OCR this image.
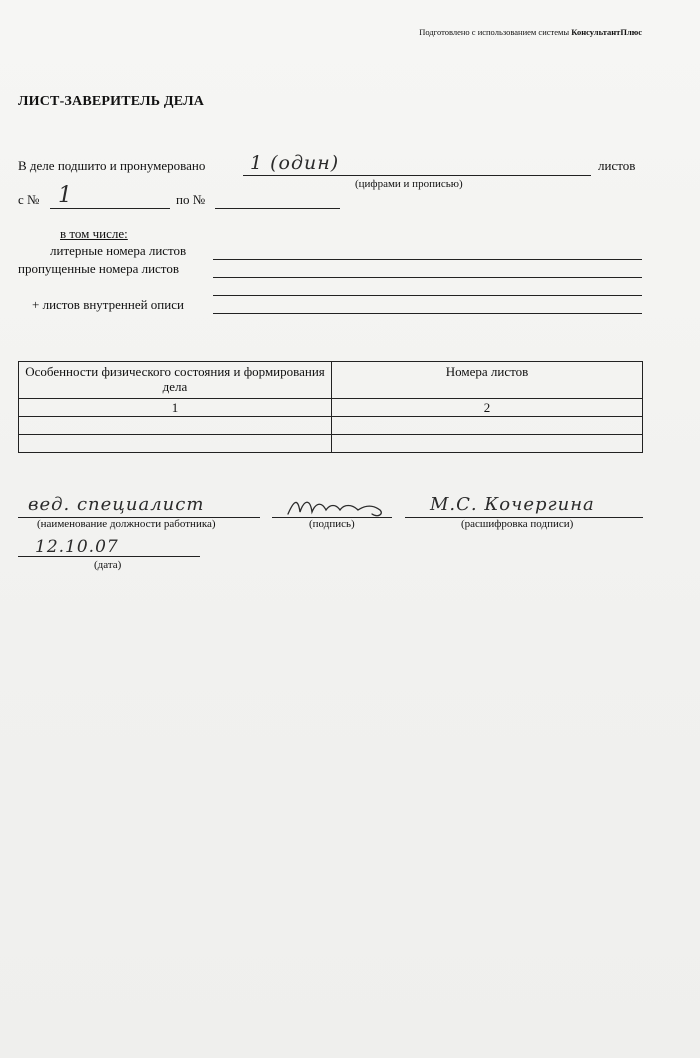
Подготовлено с использованием системы КонсультантПлюс
ЛИСТ-ЗАВЕРИТЕЛЬ ДЕЛА
В деле подшито и пронумеровано 1 (один)	листов
(цифрами и прописью)
с № 1	по №
в том числе:
литерные номера листов
пропущенные номера листов
+ листов внутренней описи
Особенности физического состояния и формирования дела	Номера листов
1	2

вед. специалист
(наименование должности работника)	(подпись)
М.С. Кочергина
(расшифровка подписи)
12.10.07
(дата)
